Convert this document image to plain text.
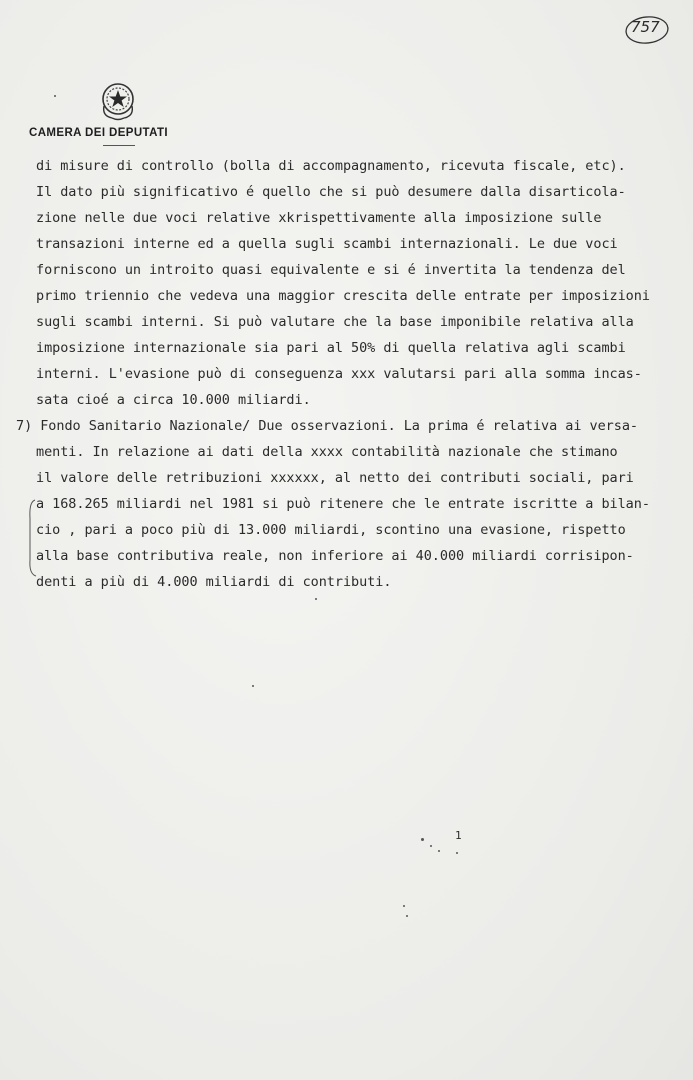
CAMERA DEI DEPUTATI
757
di misure di controllo (bolla di accompagnamento, ricevuta fiscale, etc).
Il dato più significativo é quello che si può desumere dalla disarticola-
zione nelle due voci relative xkrispettivamente alla imposizione sulle
transazioni interne ed a quella sugli scambi internazionali. Le due voci
forniscono un introito quasi equivalente e si é invertita la tendenza del
primo triennio che vedeva una maggior crescita delle entrate per imposizioni
sugli scambi interni. Si può valutare che la base imponibile relativa alla
imposizione internazionale sia pari al 50% di quella relativa agli scambi
interni. L'evasione può di conseguenza xxx valutarsi pari alla somma incas-
sata cioé a circa 10.000 miliardi.
7) Fondo Sanitario Nazionale/ Due osservazioni. La prima é relativa ai versa-
menti. In relazione ai dati della xxxx contabilità nazionale che stimano
il valore delle retribuzioni xxxxxx, al netto dei contributi sociali, pari
a 168.265 miliardi nel 1981 si può ritenere che le entrate iscritte a bilan-
cio , pari a poco più di 13.000 miliardi, scontino una evasione, rispetto
alla base contributiva reale, non inferiore ai 40.000 miliardi corrisipon-
denti a più di 4.000 miliardi di contributi.
1
